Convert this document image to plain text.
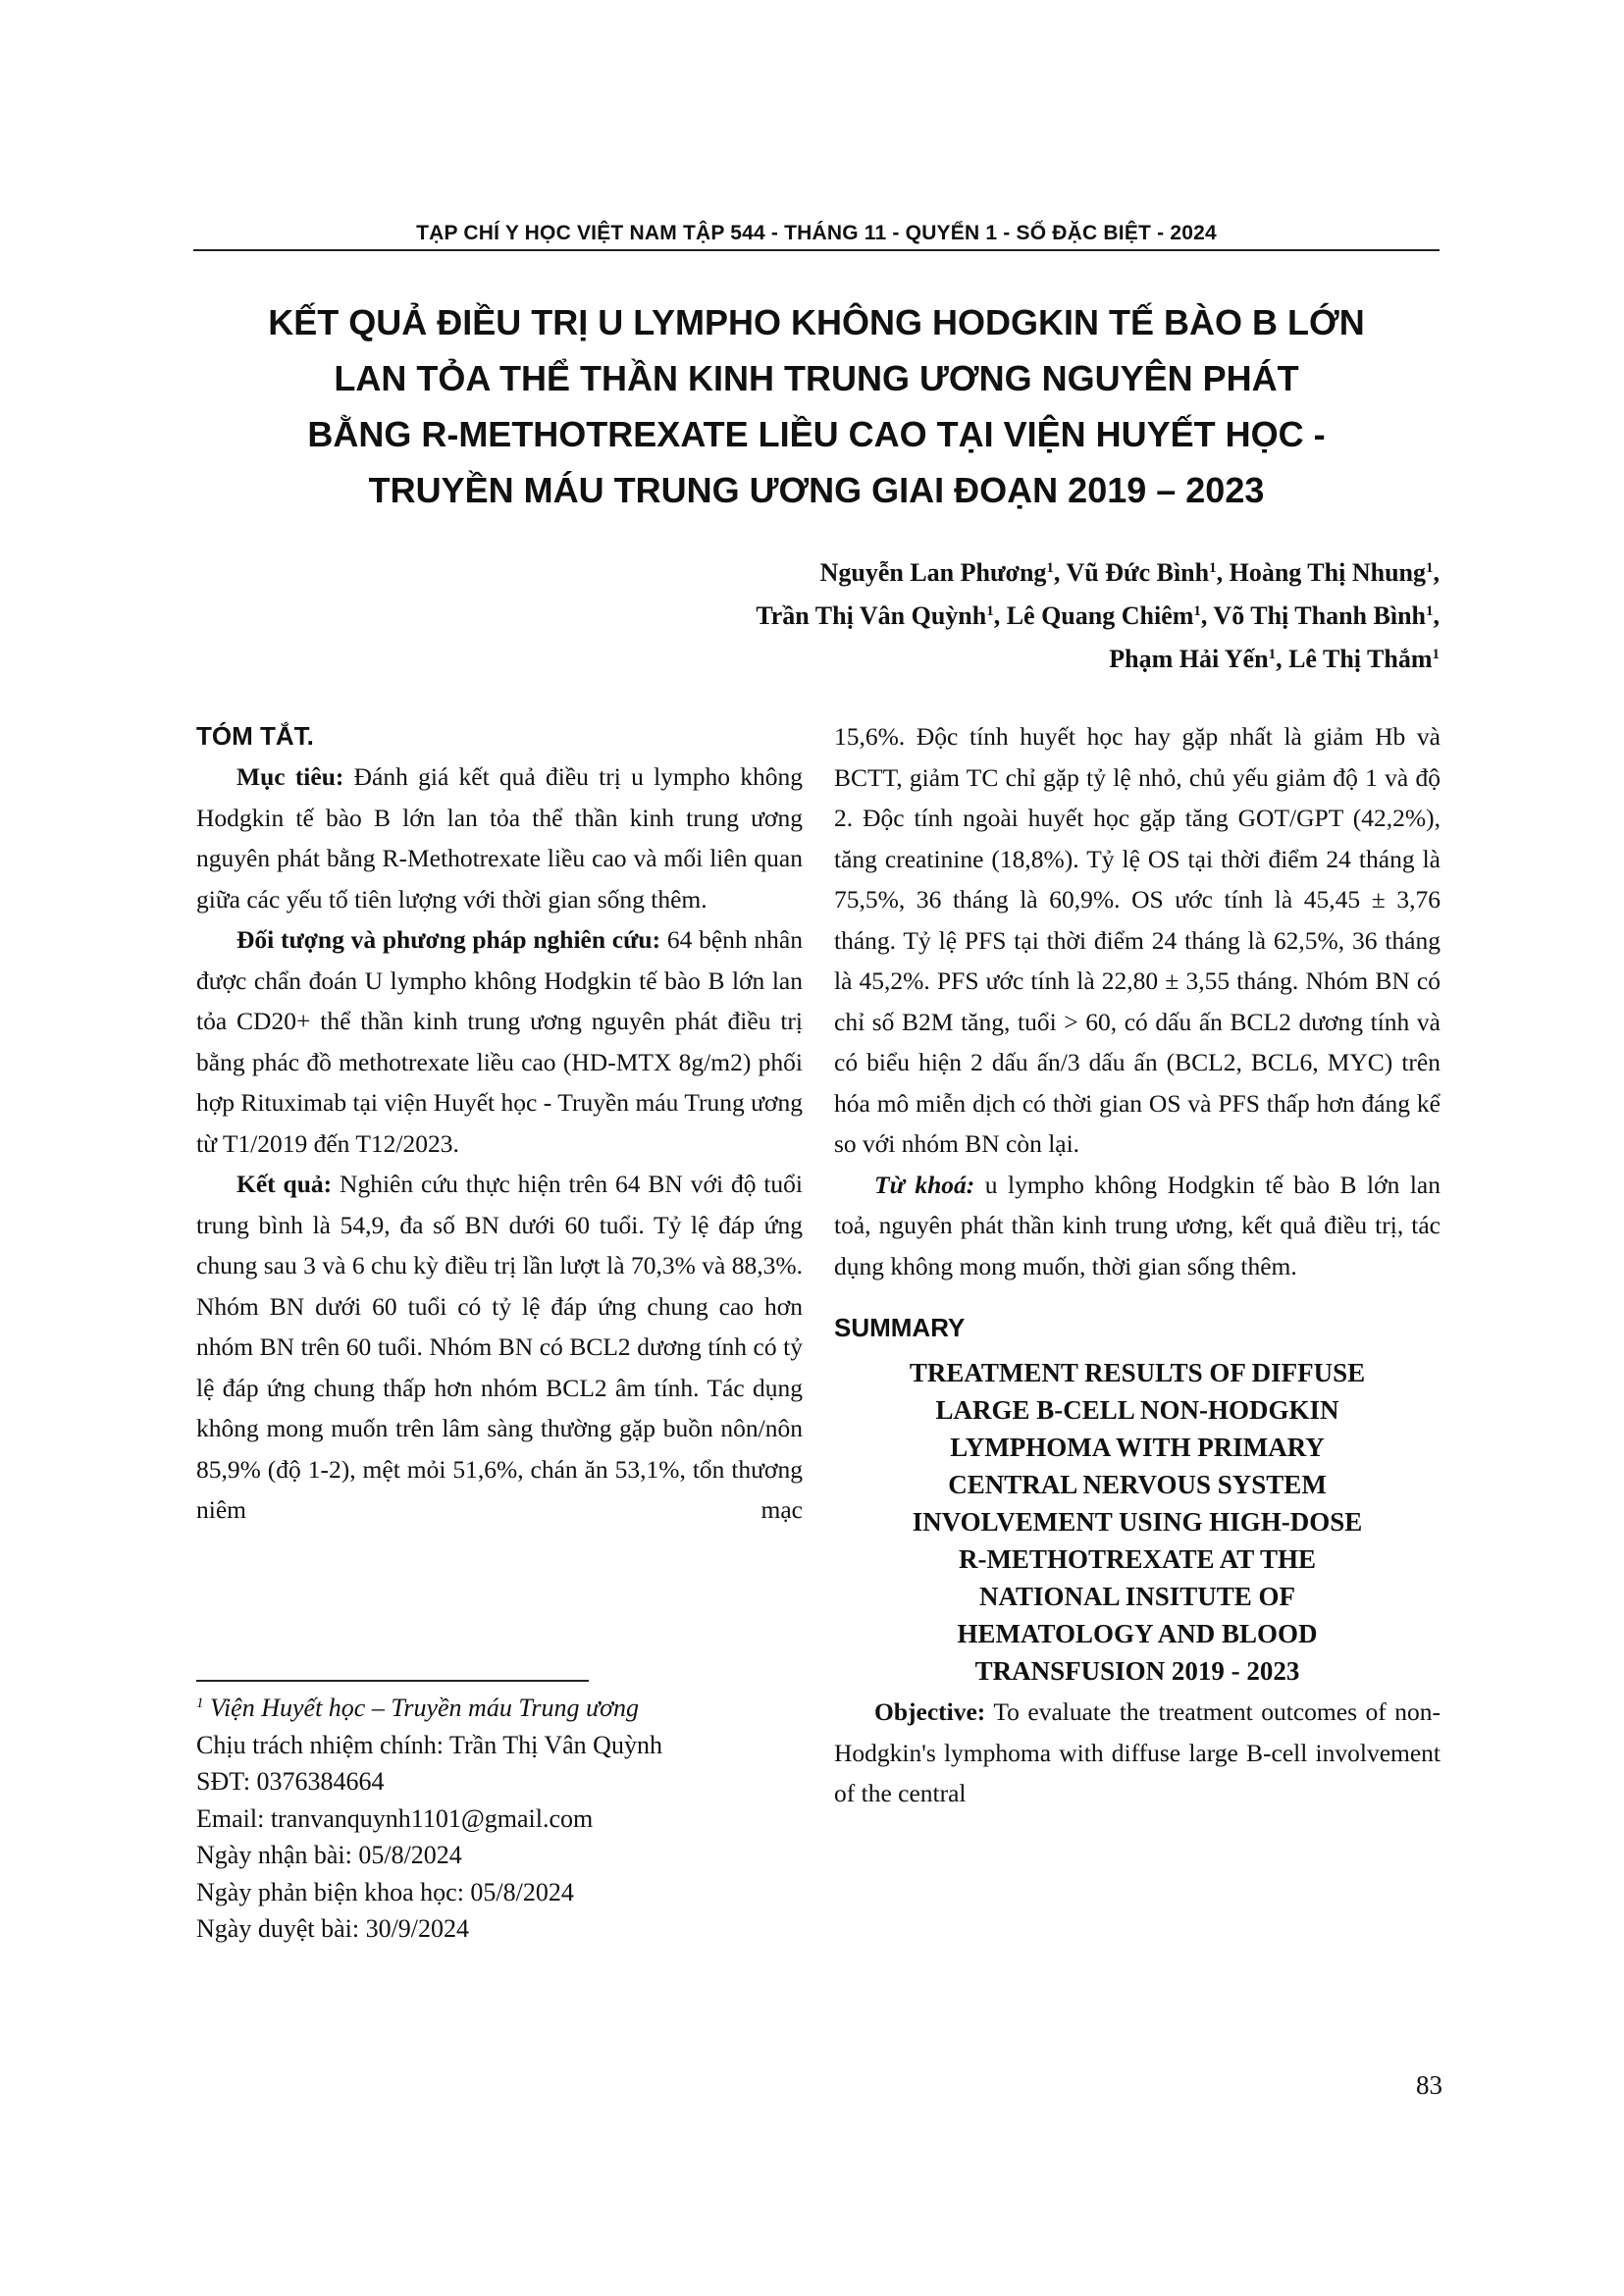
TẠP CHÍ Y HỌC VIỆT NAM TẬP 544 - THÁNG 11 - QUYỂN 1 - SỐ ĐẶC BIỆT - 2024
KẾT QUẢ ĐIỀU TRỊ U LYMPHO KHÔNG HODGKIN TẾ BÀO B LỚN
LAN TỎA THỂ THẦN KINH TRUNG ƯƠNG NGUYÊN PHÁT
BẰNG R-METHOTREXATE LIỀU CAO TẠI VIỆN HUYẾT HỌC -
TRUYỀN MÁU TRUNG ƯƠNG GIAI ĐOẠN 2019 – 2023
Nguyễn Lan Phương$^1$, Vũ Đức Bình$^1$, Hoàng Thị Nhung$^1$,
Trần Thị Vân Quỳnh$^1$, Lê Quang Chiêm$^1$, Võ Thị Thanh Bình$^1$,
Phạm Hải Yến$^1$, Lê Thị Thắm$^1$
TÓM TẮT.

Mục tiêu: Đánh giá kết quả điều trị u lympho không Hodgkin tế bào B lớn lan tỏa thể thần kinh trung ương nguyên phát bằng R-Methotrexate liều cao và mối liên quan giữa các yếu tố tiên lượng với thời gian sống thêm.

Đối tượng và phương pháp nghiên cứu: 64 bệnh nhân được chẩn đoán U lympho không Hodgkin tế bào B lớn lan tỏa CD20+ thể thần kinh trung ương nguyên phát điều trị bằng phác đồ methotrexate liều cao (HD-MTX 8g/m2) phối hợp Rituximab tại viện Huyết học - Truyền máu Trung ương từ T1/2019 đến T12/2023.

Kết quả: Nghiên cứu thực hiện trên 64 BN với độ tuổi trung bình là 54,9, đa số BN dưới 60 tuổi. Tỷ lệ đáp ứng chung sau 3 và 6 chu kỳ điều trị lần lượt là 70,3% và 88,3%. Nhóm BN dưới 60 tuổi có tỷ lệ đáp ứng chung cao hơn nhóm BN trên 60 tuổi. Nhóm BN có BCL2 dương tính có tỷ lệ đáp ứng chung thấp hơn nhóm BCL2 âm tính. Tác dụng không mong muốn trên lâm sàng thường gặp buồn nôn/nôn 85,9% (độ 1-2), mệt mỏi 51,6%, chán ăn 53,1%, tổn thương niêm mạc

$^1$ Viện Huyết học – Truyền máu Trung ương
Chịu trách nhiệm chính: Trần Thị Vân Quỳnh
SĐT: 0376384664
Email: tranvanquynh1101@gmail.com
Ngày nhận bài: 05/8/2024
Ngày phản biện khoa học: 05/8/2024
Ngày duyệt bài: 30/9/2024

15,6%. Độc tính huyết học hay gặp nhất là giảm Hb và BCTT, giảm TC chỉ gặp tỷ lệ nhỏ, chủ yếu giảm độ 1 và độ 2. Độc tính ngoài huyết học gặp tăng GOT/GPT (42,2%), tăng creatinine (18,8%). Tỷ lệ OS tại thời điểm 24 tháng là 75,5%, 36 tháng là 60,9%. OS ước tính là 45,45 ± 3,76 tháng. Tỷ lệ PFS tại thời điểm 24 tháng là 62,5%, 36 tháng là 45,2%. PFS ước tính là 22,80 ± 3,55 tháng. Nhóm BN có chỉ số B2M tăng, tuổi > 60, có dấu ấn BCL2 dương tính và có biểu hiện 2 dấu ấn/3 dấu ấn (BCL2, BCL6, MYC) trên hóa mô miễn dịch có thời gian OS và PFS thấp hơn đáng kể so với nhóm BN còn lại.

Từ khoá: u lympho không Hodgkin tế bào B lớn lan toả, nguyên phát thần kinh trung ương, kết quả điều trị, tác dụng không mong muốn, thời gian sống thêm.

SUMMARY
TREATMENT RESULTS OF DIFFUSE
LARGE B-CELL NON-HODGKIN
LYMPHOMA WITH PRIMARY
CENTRAL NERVOUS SYSTEM
INVOLVEMENT USING HIGH-DOSE
R-METHOTREXATE AT THE
NATIONAL INSITUTE OF
HEMATOLOGY AND BLOOD
TRANSFUSION 2019 - 2023

Objective: To evaluate the treatment outcomes of non-Hodgkin's lymphoma with diffuse large B-cell involvement of the central

83
